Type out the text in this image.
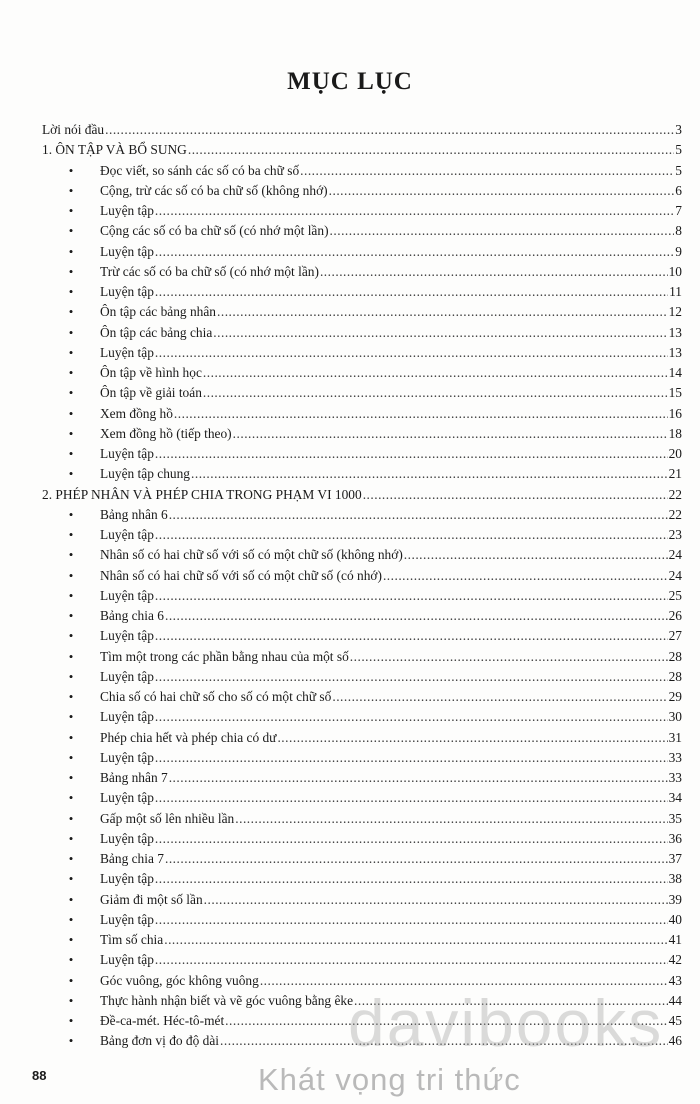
MỤC LỤC
Lời nói đầu .....	3
1. ÔN TẬP VÀ BỔ SUNG .....	5
•	Đọc viết, so sánh các số có ba chữ số .....	5
•	Cộng, trừ các số có ba chữ số (không nhớ) .....	6
•	Luyện tập .....	7
•	Cộng các số có ba chữ số (có nhớ một lần) .....	8
•	Luyện tập .....	9
•	Trừ các số có ba chữ số (có nhớ một lần) .....	10
•	Luyện tập .....	11
•	Ôn tập các bảng nhân .....	12
•	Ôn tập các bảng chia .....	13
•	Luyện tập .....	13
•	Ôn tập về hình học .....	14
•	Ôn tập về giải toán .....	15
•	Xem đồng hồ .....	16
•	Xem đồng hồ (tiếp theo) .....	18
•	Luyện tập .....	20
•	Luyện tập chung .....	21
2. PHÉP NHÂN VÀ PHÉP CHIA TRONG PHẠM VI 1000 .....	22
•	Bảng nhân 6 .....	22
•	Luyện tập .....	23
•	Nhân số có hai chữ số với số có một chữ số (không nhớ) .....	24
•	Nhân số có hai chữ số với số có một chữ số (có nhớ) .....	24
•	Luyện tập .....	25
•	Bảng chia 6 .....	26
•	Luyện tập .....	27
•	Tìm một trong các phần bằng nhau của một số .....	28
•	Luyện tập .....	28
•	Chia số có hai chữ số cho số có một chữ số .....	29
•	Luyện tập .....	30
•	Phép chia hết và phép chia có dư .....	31
•	Luyện tập .....	33
•	Bảng nhân 7 .....	33
•	Luyện tập .....	34
•	Gấp một số lên nhiều lần .....	35
•	Luyện tập .....	36
•	Bảng chia 7 .....	37
•	Luyện tập .....	38
•	Giảm đi một số lần .....	39
•	Luyện tập .....	40
•	Tìm số chia .....	41
•	Luyện tập .....	42
•	Góc vuông, góc không vuông .....	43
•	Thực hành nhận biết và vẽ góc vuông bằng êke .....	44
•	Đề-ca-mét. Héc-tô-mét .....	45
•	Bảng đơn vị đo độ dài .....	46
davibooks
Khát vọng tri thức
88
